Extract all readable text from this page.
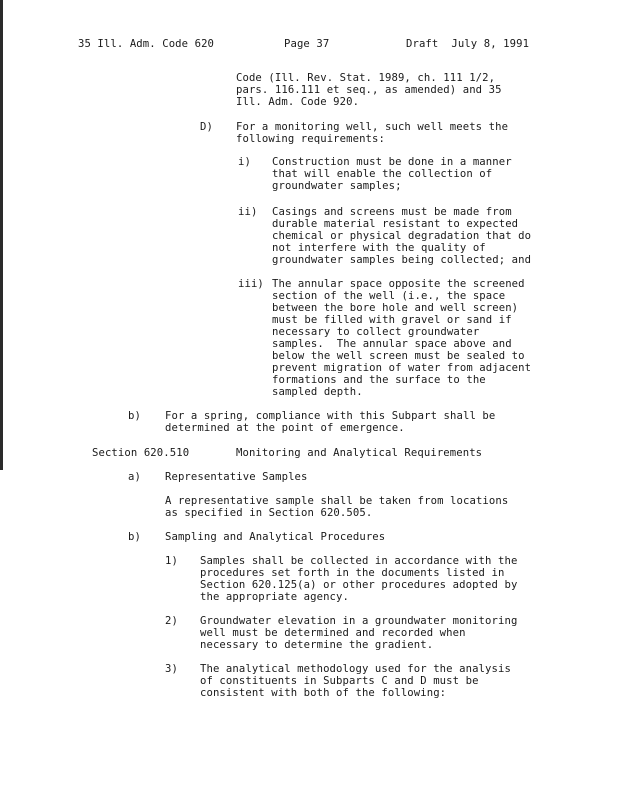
35 Ill. Adm. Code 620	Page 37	Draft  July 8, 1991
Code (Ill. Rev. Stat. 1989, ch. 111 1/2,
pars. 116.111 et seq., as amended) and 35
Ill. Adm. Code 920.
D) For a monitoring well, such well meets the
following requirements:
i) Construction must be done in a manner
that will enable the collection of
groundwater samples;
ii) Casings and screens must be made from
durable material resistant to expected
chemical or physical degradation that do
not interfere with the quality of
groundwater samples being collected; and
iii) The annular space opposite the screened
section of the well (i.e., the space
between the bore hole and well screen)
must be filled with gravel or sand if
necessary to collect groundwater
samples.  The annular space above and
below the well screen must be sealed to
prevent migration of water from adjacent
formations and the surface to the
sampled depth.
b) For a spring, compliance with this Subpart shall be
determined at the point of emergence.
Section 620.510	Monitoring and Analytical Requirements
a) Representative Samples
A representative sample shall be taken from locations
as specified in Section 620.505.
b) Sampling and Analytical Procedures
1) Samples shall be collected in accordance with the
procedures set forth in the documents listed in
Section 620.125(a) or other procedures adopted by
the appropriate agency.
2) Groundwater elevation in a groundwater monitoring
well must be determined and recorded when
necessary to determine the gradient.
3) The analytical methodology used for the analysis
of constituents in Subparts C and D must be
consistent with both of the following:
